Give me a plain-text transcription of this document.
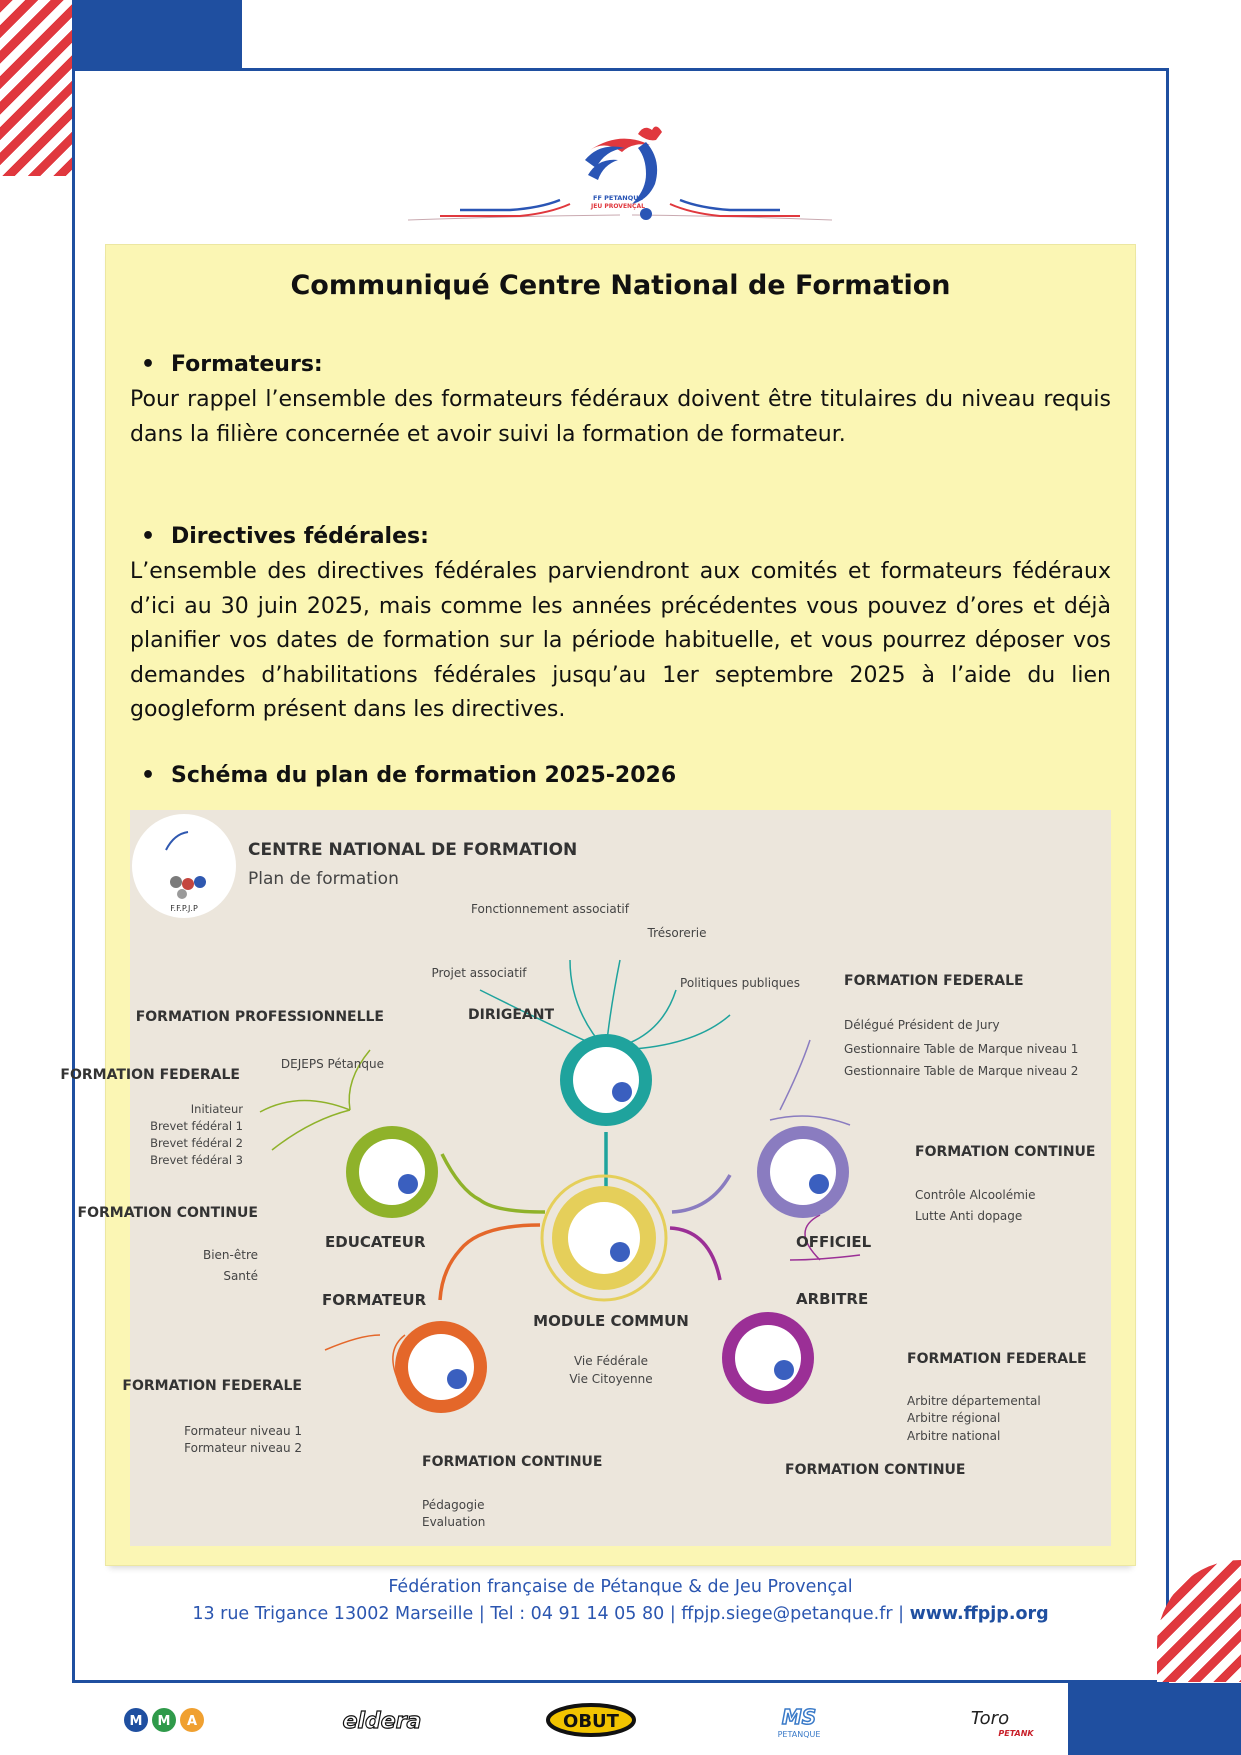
FF PETANQUE
JEU PROVENÇAL
Communiqué Centre National de Formation
• Formateurs:
Pour rappel l’ensemble des formateurs fédéraux doivent être titulaires du niveau requis dans la filière concernée et avoir suivi la formation de formateur.
• Directives fédérales:
L’ensemble des directives fédérales parviendront aux comités et formateurs fédéraux d’ici au 30 juin 2025, mais comme les années précédentes vous pouvez d’ores et déjà planifier vos dates de formation sur la période habituelle, et vous pourrez déposer vos demandes d’habilitations fédérales jusqu’au 1er septembre 2025 à l’aide du lien googleform présent dans les directives.
• Schéma du plan de formation 2025-2026
F.F.P.J.P
CENTRE NATIONAL DE FORMATION
Plan de formation
DIRIGEANT
Fonctionnement associatif
Trésorerie
Projet associatif
Politiques publiques
EDUCATEUR
FORMATION PROFESSIONNELLE
DEJEPS Pétanque
FORMATION FEDERALE
Initiateur
Brevet fédéral 1
Brevet fédéral 2
Brevet fédéral 3
FORMATION CONTINUE
Bien-être
Santé
OFFICIEL
FORMATION FEDERALE
Délégué Président de Jury
Gestionnaire Table de Marque niveau 1
Gestionnaire Table de Marque niveau 2
FORMATION CONTINUE
Contrôle Alcoolémie
Lutte Anti dopage
FORMATEUR
FORMATION FEDERALE
Formateur niveau 1
Formateur niveau 2
FORMATION CONTINUE
Pédagogie
Evaluation
ARBITRE
FORMATION FEDERALE
Arbitre départemental
Arbitre régional
Arbitre national
FORMATION CONTINUE
MODULE COMMUN
Vie Fédérale
Vie Citoyenne
Fédération française de Pétanque & de Jeu Provençal
13 rue Trigance 13002 Marseille | Tel : 04 91 14 05 80 | ffpjp.siege@petanque.fr | www.ffpjp.org
M M A	eldera	OBUT	MS
PETANQUE
Toro
PETANK
